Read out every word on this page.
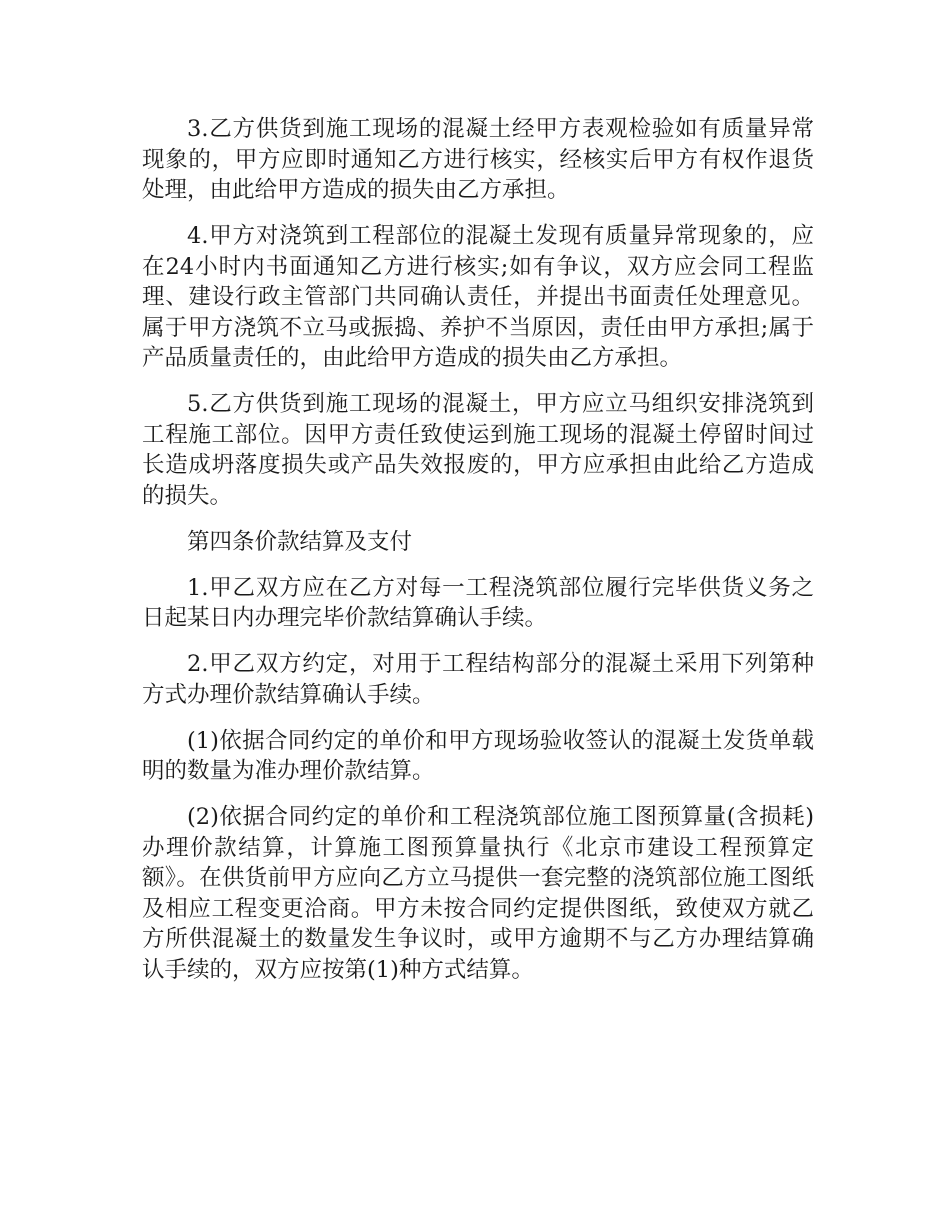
3.乙方供货到施工现场的混凝土经甲方表观检验如有质量异常现象的，甲方应即时通知乙方进行核实，经核实后甲方有权作退货处理，由此给甲方造成的损失由乙方承担。

4.甲方对浇筑到工程部位的混凝土发现有质量异常现象的，应在24小时内书面通知乙方进行核实;如有争议，双方应会同工程监理、建设行政主管部门共同确认责任，并提出书面责任处理意见。属于甲方浇筑不立马或振捣、养护不当原因，责任由甲方承担;属于产品质量责任的，由此给甲方造成的损失由乙方承担。

5.乙方供货到施工现场的混凝土，甲方应立马组织安排浇筑到工程施工部位。因甲方责任致使运到施工现场的混凝土停留时间过长造成坍落度损失或产品失效报废的，甲方应承担由此给乙方造成的损失。

第四条价款结算及支付

1.甲乙双方应在乙方对每一工程浇筑部位履行完毕供货义务之日起某日内办理完毕价款结算确认手续。

2.甲乙双方约定，对用于工程结构部分的混凝土采用下列第种方式办理价款结算确认手续。

(1)依据合同约定的单价和甲方现场验收签认的混凝土发货单载明的数量为准办理价款结算。

(2)依据合同约定的单价和工程浇筑部位施工图预算量(含损耗)办理价款结算，计算施工图预算量执行《北京市建设工程预算定额》。在供货前甲方应向乙方立马提供一套完整的浇筑部位施工图纸及相应工程变更洽商。甲方未按合同约定提供图纸，致使双方就乙方所供混凝土的数量发生争议时，或甲方逾期不与乙方办理结算确认手续的，双方应按第(1)种方式结算。
